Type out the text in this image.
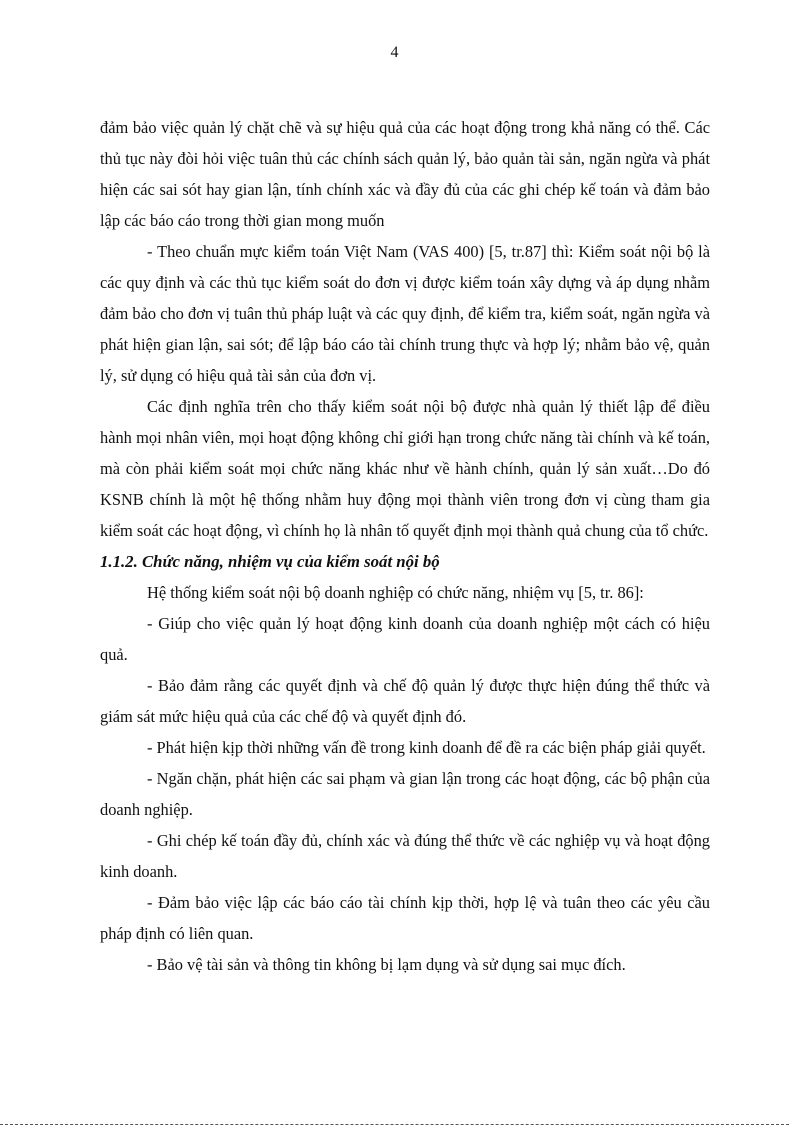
4

đảm bảo việc quản lý chặt chẽ và sự hiệu quả của các hoạt động trong khả năng có thể. Các thủ tục này đòi hỏi việc tuân thủ các chính sách quản lý, bảo quản tài sản, ngăn ngừa và phát hiện các sai sót hay gian lận, tính chính xác và đầy đủ của các ghi chép kế toán và đảm bảo lập các báo cáo trong thời gian mong muốn

- Theo chuẩn mực kiểm toán Việt Nam (VAS 400) [5, tr.87] thì: Kiểm soát nội bộ là các quy định và các thủ tục kiểm soát do đơn vị được kiểm toán xây dựng và áp dụng nhằm đảm bảo cho đơn vị tuân thủ pháp luật và các quy định, để kiểm tra, kiểm soát, ngăn ngừa và phát hiện gian lận, sai sót; để lập báo cáo tài chính trung thực và hợp lý; nhằm bảo vệ, quản lý, sử dụng có hiệu quả tài sản của đơn vị.

Các định nghĩa trên cho thấy kiểm soát nội bộ được nhà quản lý thiết lập để điều hành mọi nhân viên, mọi hoạt động không chỉ giới hạn trong chức năng tài chính và kế toán, mà còn phải kiểm soát mọi chức năng khác như về hành chính, quản lý sản xuất…Do đó KSNB chính là một hệ thống nhằm huy động mọi thành viên trong đơn vị cùng tham gia kiểm soát các hoạt động, vì chính họ là nhân tố quyết định mọi thành quả chung của tổ chức.

1.1.2. Chức năng, nhiệm vụ của kiểm soát nội bộ

Hệ thống kiểm soát nội bộ doanh nghiệp có chức năng, nhiệm vụ [5, tr. 86]:

- Giúp cho việc quản lý hoạt động kinh doanh của doanh nghiệp một cách có hiệu quả.

- Bảo đảm rằng các quyết định và chế độ quản lý được thực hiện đúng thể thức và giám sát mức hiệu quả của các chế độ và quyết định đó.

- Phát hiện kịp thời những vấn đề trong kinh doanh để đề ra các biện pháp giải quyết.

- Ngăn chặn, phát hiện các sai phạm và gian lận trong các hoạt động, các bộ phận của doanh nghiệp.

- Ghi chép kế toán đầy đủ, chính xác và đúng thể thức về các nghiệp vụ và hoạt động kinh doanh.

- Đảm bảo việc lập các báo cáo tài chính kịp thời, hợp lệ và tuân theo các yêu cầu pháp định có liên quan.

- Bảo vệ tài sản và thông tin không bị lạm dụng và sử dụng sai mục đích.
